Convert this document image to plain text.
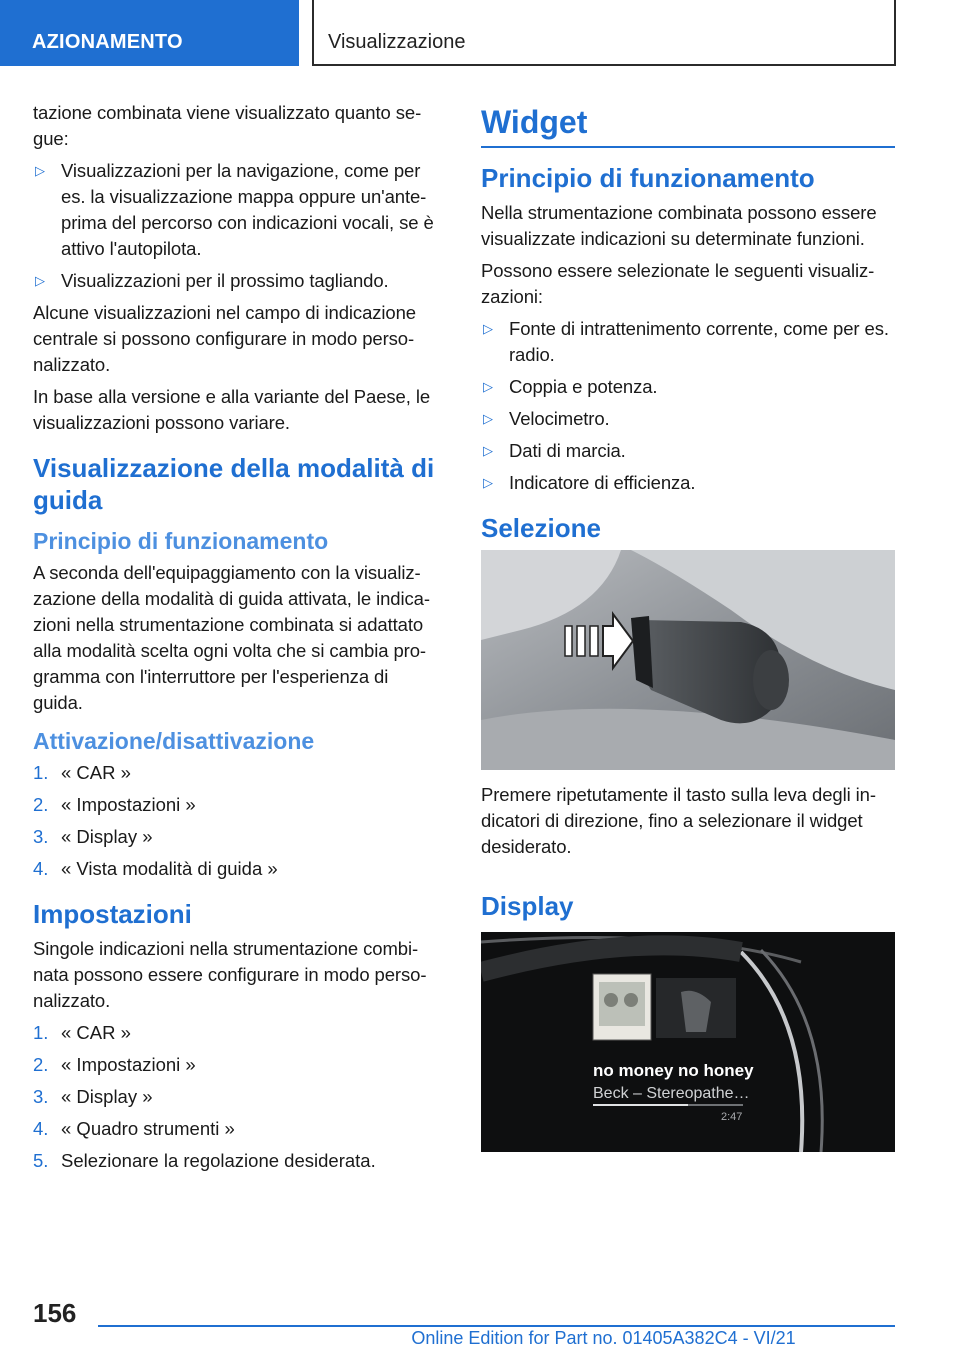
AZIONAMENTO	Visualizzazione

tazione combinata viene visualizzato quanto se-gue:

▷ Visualizzazioni per la navigazione, come per es. la visualizzazione mappa oppure un'ante-prima del percorso con indicazioni vocali, se è attivo l'autopilota.
▷ Visualizzazioni per il prossimo tagliando.

Alcune visualizzazioni nel campo di indicazione centrale si possono configurare in modo perso-nalizzato.

In base alla versione e alla variante del Paese, le visualizzazioni possono variare.

Visualizzazione della modalità di guida
Principio di funzionamento

A seconda dell'equipaggiamento con la visualiz-zazione della modalità di guida attivata, le indica-zioni nella strumentazione combinata si adattato alla modalità scelta ogni volta che si cambia pro-gramma con l'interruttore per l'esperienza di guida.

Attivazione/disattivazione
1. « CAR »
2. « Impostazioni »
3. « Display »
4. « Vista modalità di guida »
Impostazioni

Singole indicazioni nella strumentazione combi-nata possono essere configurare in modo perso-nalizzato.

1. « CAR »
2. « Impostazioni »
3. « Display »
4. « Quadro strumenti »
5. Selezionare la regolazione desiderata.
Widget
Principio di funzionamento

Nella strumentazione combinata possono essere visualizzate indicazioni su determinate funzioni.

Possono essere selezionate le seguenti visualiz-zazioni:

▷ Fonte di intrattenimento corrente, come per es. radio.
▷ Coppia e potenza.
▷ Velocimetro.
▷ Dati di marcia.
▷ Indicatore di efficienza.
Selezione

Premere ripetutamente il tasto sulla leva degli in-dicatori di direzione, fino a selezionare il widget desiderato.

Display
no money no honey
Beck – Stereopathe…
2:47
156
Online Edition for Part no. 01405A382C4 - VI/21
